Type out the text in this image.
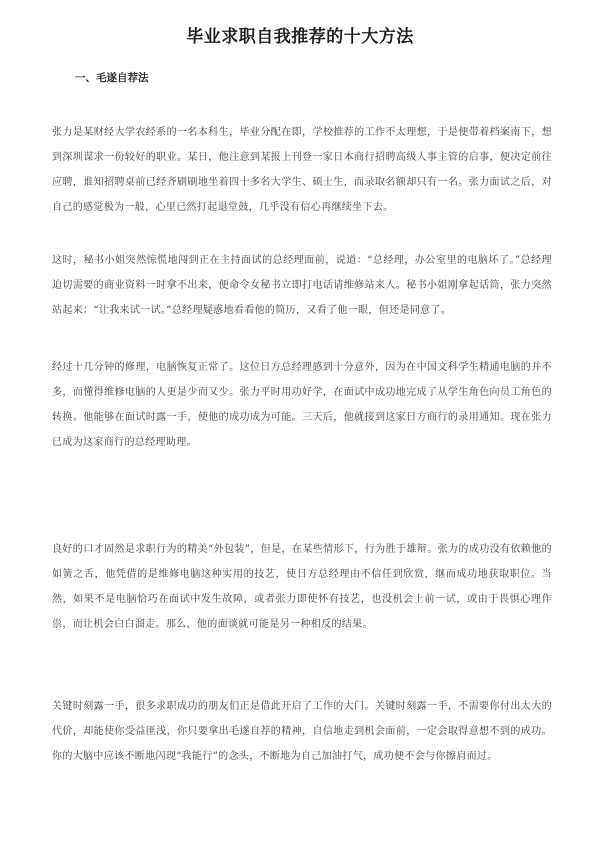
毕业求职自我推荐的十大方法
一、毛遂自荐法

张力是某财经大学农经系的一名本科生，毕业分配在即，学校推荐的工作不太理想，于是便带着档案南下，想到深圳谋求一份较好的职业。某日，他注意到某报上刊登一家日本商行招聘高级人事主管的启事，便决定前往应聘，谁知招聘桌前已经齐刷刷地坐着四十多名大学生、硕士生，而录取名额却只有一名。张力面试之后，对自己的感觉极为一般，心里已然打起退堂鼓，几乎没有信心再继续坐下去。

这时，秘书小姐突然惊慌地闯到正在主持面试的总经理面前，说道：“总经理，办公室里的电脑坏了。”总经理迫切需要的商业资料一时拿不出来，便命令女秘书立即打电话请维修站来人。秘书小姐刚拿起话筒，张力突然站起来：“让我来试一试。”总经理疑惑地看看他的简历，又看了他一眼，但还是同意了。

经过十几分钟的修理，电脑恢复正常了。这位日方总经理感到十分意外，因为在中国文科学生精通电脑的并不多，而懂得维修电脑的人更是少而又少。张力平时用功好学，在面试中成功地完成了从学生角色向员工角色的转换。他能够在面试时露一手，使他的成功成为可能。三天后，他就接到这家日方商行的录用通知。现在张力已成为这家商行的总经理助理。

良好的口才固然是求职行为的精美“外包装”，但是，在某些情形下，行为胜于雄辩。张力的成功没有依赖他的如簧之舌，他凭借的是维修电脑这种实用的技艺，使日方总经理由不信任到欣赏，继而成功地获取职位。当然，如果不是电脑恰巧在面试中发生故障，或者张力即使怀有技艺，也没机会上前一试，或由于畏惧心理作祟，而让机会白白溜走。那么，他的面谈就可能是另一种相反的结果。

关键时刻露一手，很多求职成功的朋友们正是借此开启了工作的大门。关键时刻露一手，不需要你付出太大的代价，却能使你受益匪浅，你只要拿出毛遂自荐的精神，自信地走到机会面前，一定会取得意想不到的成功。你的大脑中应该不断地闪现“我能行”的念头，不断地为自己加油打气，成功便不会与你擦肩而过。
